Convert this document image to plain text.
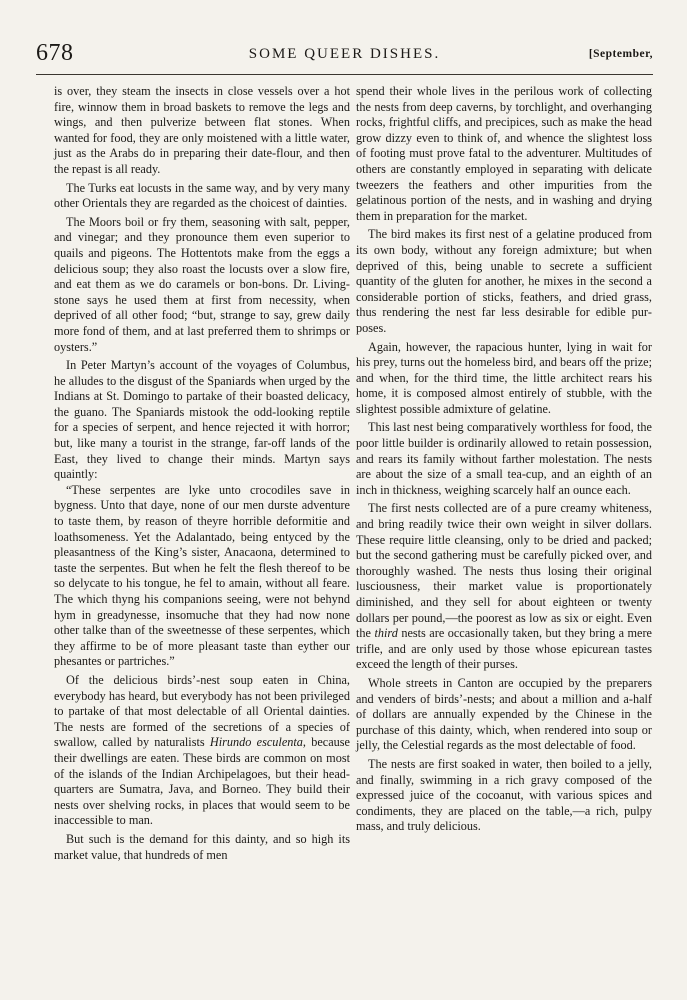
678	SOME QUEER DISHES.	[September,

is over, they steam the insects in close vessels over a hot fire, winnow them in broad baskets to remove the legs and wings, and then pulverize between flat stones. When wanted for food, they are only moistened with a little water, just as the Arabs do in preparing their date-flour, and then the repast is all ready.

The Turks eat locusts in the same way, and by very many other Orientals they are regarded as the choicest of dainties.

The Moors boil or fry them, seasoning with salt, pepper, and vinegar; and they pronounce them even superior to quails and pigeons. The Hottentots make from the eggs a delicious soup; they also roast the locusts over a slow fire, and eat them as we do caramels or bon-bons. Dr. Livingstone says he used them at first from necessity, when deprived of all other food; “but, strange to say, grew daily more fond of them, and at last preferred them to shrimps or oysters.”

In Peter Martyn’s account of the voyages of Columbus, he alludes to the disgust of the Spaniards when urged by the Indians at St. Domingo to partake of their boasted delicacy, the guano. The Spaniards mistook the odd-looking reptile for a species of serpent, and hence rejected it with horror; but, like many a tourist in the strange, far-off lands of the East, they lived to change their minds. Martyn says quaintly:

“These serpentes are lyke unto crocodiles save in bygness. Unto that daye, none of our men durste adventure to taste them, by reason of theyre horrible deformitie and loathsomeness. Yet the Adalantado, being entyced by the pleasantness of the King’s sister, Anacaona, determined to taste the serpentes. But when he felt the flesh thereof to be so delycate to his tongue, he fel to amain, without all feare. The which thyng his companions seeing, were not behynd hym in greadynesse, insomuche that they had now none other talke than of the sweetnesse of these serpentes, which they affirme to be of more pleasant taste than eyther our phesantes or partriches.”

Of the delicious birds’-nest soup eaten in China, everybody has heard, but everybody has not been privileged to partake of that most delectable of all Oriental dainties. The nests are formed of the secretions of a species of swallow, called by naturalists Hirundo esculenta, because their dwellings are eaten. These birds are common on most of the islands of the Indian Archipelagoes, but their head-quarters are Sumatra, Java, and Borneo. They build their nests over shelving rocks, in places that would seem to be inaccessible to man.

But such is the demand for this dainty, and so high its market value, that hundreds of men

spend their whole lives in the perilous work of collecting the nests from deep caverns, by torchlight, and overhanging rocks, frightful cliffs, and precipices, such as make the head grow dizzy even to think of, and whence the slightest loss of footing must prove fatal to the adventurer. Multitudes of others are constantly employed in separating with delicate tweezers the feathers and other impurities from the gelatinous portion of the nests, and in washing and drying them in preparation for the market.

The bird makes its first nest of a gelatine produced from its own body, without any foreign admixture; but when deprived of this, being unable to secrete a sufficient quantity of the gluten for another, he mixes in the second a considerable portion of sticks, feathers, and dried grass, thus rendering the nest far less desirable for edible purposes.

Again, however, the rapacious hunter, lying in wait for his prey, turns out the homeless bird, and bears off the prize; and when, for the third time, the little architect rears his home, it is composed almost entirely of stubble, with the slightest possible admixture of gelatine.

This last nest being comparatively worthless for food, the poor little builder is ordinarily allowed to retain possession, and rears its family without farther molestation. The nests are about the size of a small tea-cup, and an eighth of an inch in thickness, weighing scarcely half an ounce each.

The first nests collected are of a pure creamy whiteness, and bring readily twice their own weight in silver dollars. These require little cleansing, only to be dried and packed; but the second gathering must be carefully picked over, and thoroughly washed. The nests thus losing their original lusciousness, their market value is proportionately diminished, and they sell for about eighteen or twenty dollars per pound,—the poorest as low as six or eight. Even the third nests are occasionally taken, but they bring a mere trifle, and are only used by those whose epicurean tastes exceed the length of their purses.

Whole streets in Canton are occupied by the preparers and venders of birds’-nests; and about a million and a-half of dollars are annually expended by the Chinese in the purchase of this dainty, which, when rendered into soup or jelly, the Celestial regards as the most delectable of food.

The nests are first soaked in water, then boiled to a jelly, and finally, swimming in a rich gravy composed of the expressed juice of the cocoanut, with various spices and condiments, they are placed on the table,—a rich, pulpy mass, and truly delicious.
